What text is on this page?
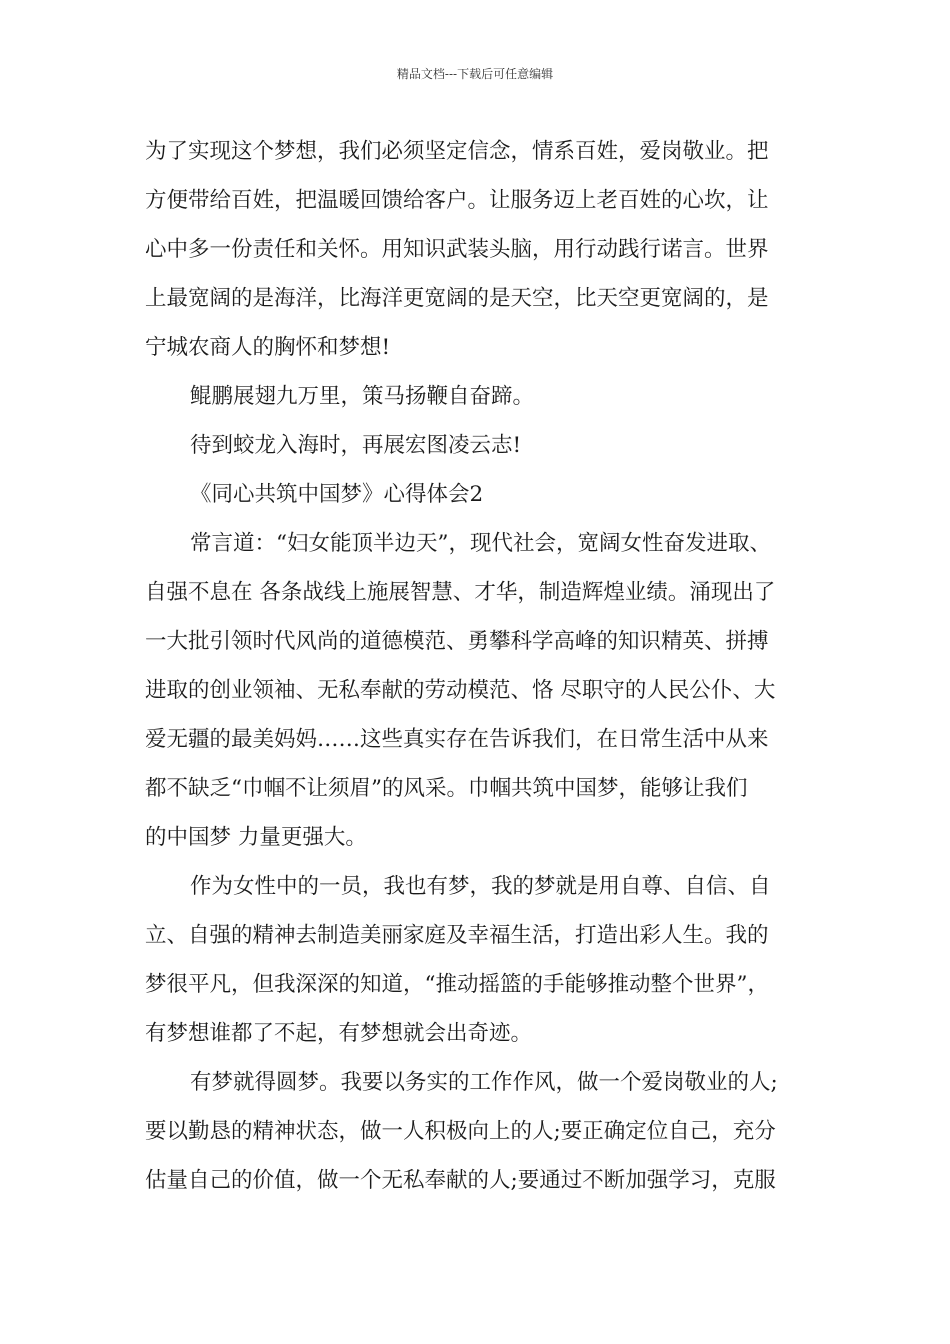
精品文档---下载后可任意编辑
为了实现这个梦想，我们必须坚定信念，情系百姓，爱岗敬业。把
方便带给百姓，把温暖回馈给客户。让服务迈上老百姓的心坎，让
心中多一份责任和关怀。用知识武装头脑，用行动践行诺言。世界
上最宽阔的是海洋，比海洋更宽阔的是天空，比天空更宽阔的，是
宁城农商人的胸怀和梦想!
鲲鹏展翅九万里，策马扬鞭自奋蹄。
待到蛟龙入海时，再展宏图凌云志!
《同心共筑中国梦》心得体会2
常言道：“妇女能顶半边天”，现代社会，宽阔女性奋发进取、
自强不息在 各条战线上施展智慧、才华，制造辉煌业绩。涌现出了
一大批引领时代风尚的道德模范、勇攀科学高峰的知识精英、拼搏
进取的创业领袖、无私奉献的劳动模范、恪 尽职守的人民公仆、大
爱无疆的最美妈妈……这些真实存在告诉我们，在日常生活中从来
都不缺乏“巾帼不让须眉”的风采。巾帼共筑中国梦，能够让我们
的中国梦 力量更强大。
作为女性中的一员，我也有梦，我的梦就是用自尊、自信、自
立、自强的精神去制造美丽家庭及幸福生活，打造出彩人生。我的
梦很平凡，但我深深的知道，“推动摇篮的手能够推动整个世界”，
有梦想谁都了不起，有梦想就会出奇迹。
有梦就得圆梦。我要以务实的工作作风，做一个爱岗敬业的人;
要以勤恳的精神状态，做一人积极向上的人;要正确定位自己，充分
估量自己的价值，做一个无私奉献的人;要通过不断加强学习，克服
